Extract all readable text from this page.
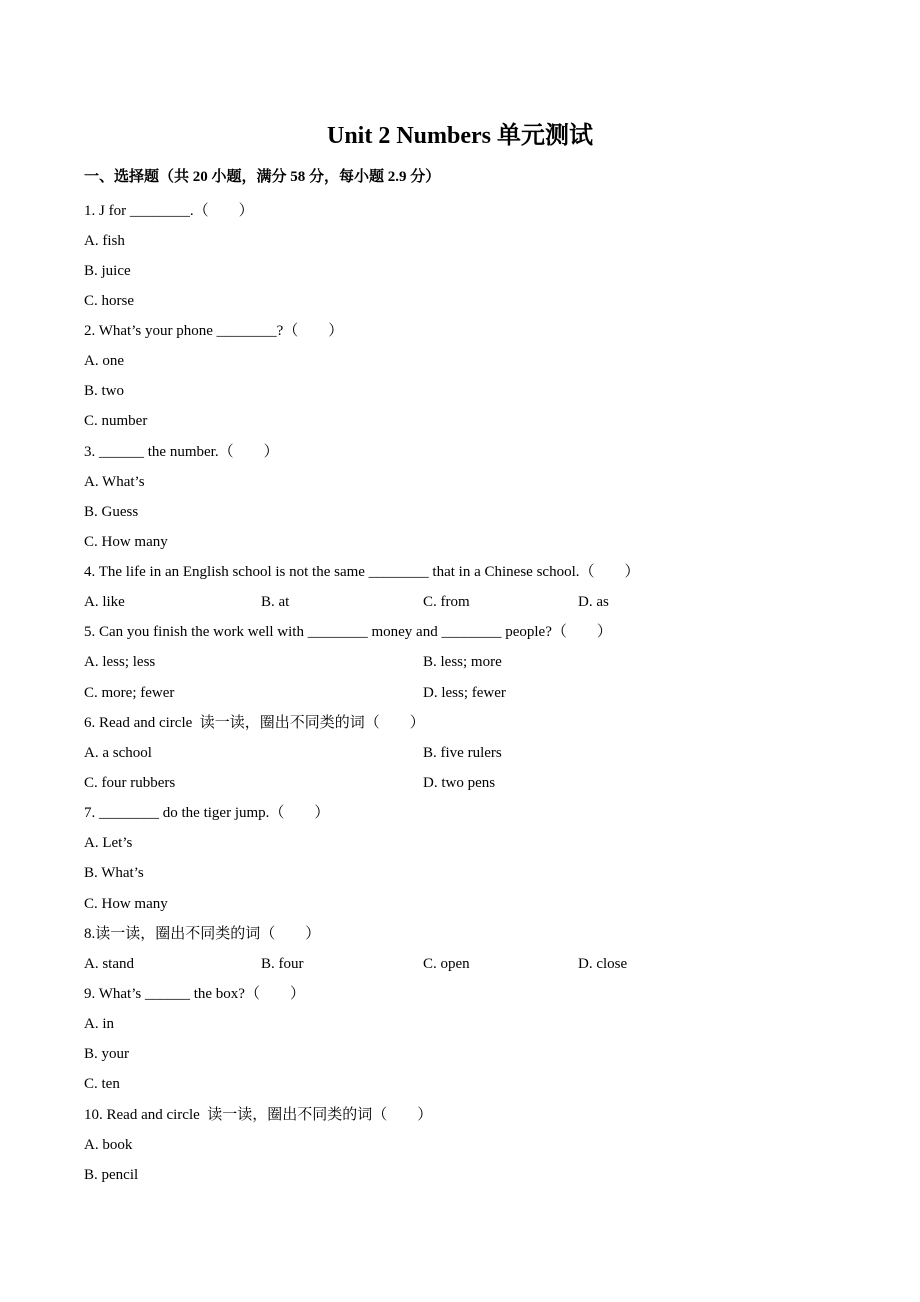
Unit 2 Numbers 单元测试
一、选择题（共 20 小题，满分 58 分，每小题 2.9 分）
1. J for ________.（        ）
A. fish
B. juice
C. horse
2. What’s your phone ________?（        ）
A. one
B. two
C. number
3. ______ the number.（        ）
A. What’s
B. Guess
C. How many
4. The life in an English school is not the same ________ that in a Chinese school.（        ）
A. like	B. at	C. from	D. as
5. Can you finish the work well with ________ money and ________ people?（        ）
A. less; less	B. less; more
C. more; fewer	D. less; fewer
6. Read and circle  读一读，圈出不同类的词（        ）
A. a school	B. five rulers
C. four rubbers	D. two pens
7. ________ do the tiger jump.（        ）
A. Let’s
B. What’s
C. How many
8.读一读，圈出不同类的词（        ）
A. stand	B. four	C. open	D. close
9. What’s ______ the box?（        ）
A. in
B. your
C. ten
10. Read and circle  读一读，圈出不同类的词（        ）
A. book
B. pencil
